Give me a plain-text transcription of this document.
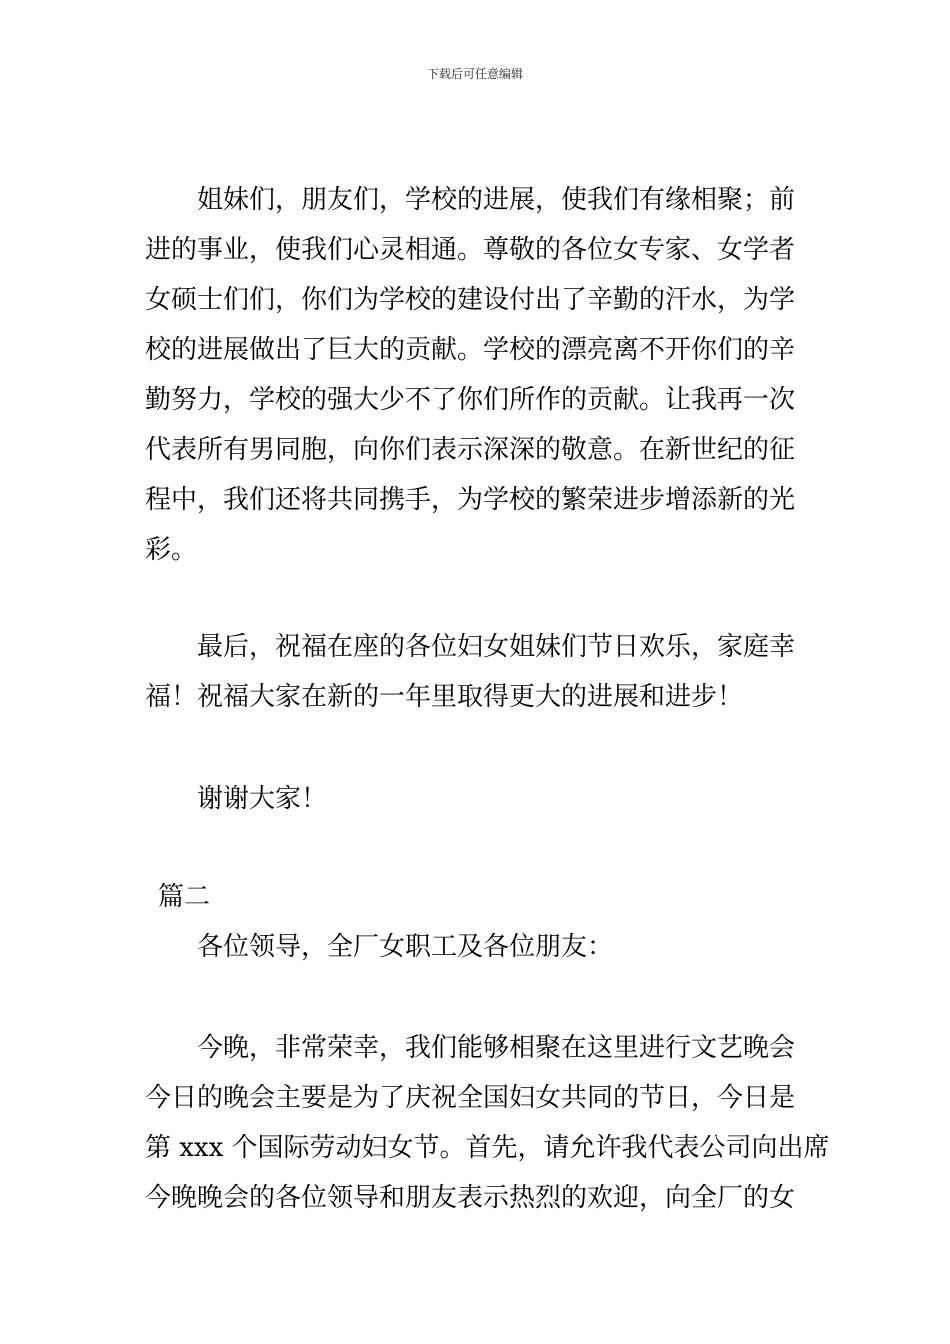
下载后可任意编辑
姐妹们，朋友们，学校的进展，使我们有缘相聚；前
进的事业，使我们心灵相通。尊敬的各位女专家、女学者
女硕士们们，你们为学校的建设付出了辛勤的汗水，为学
校的进展做出了巨大的贡献。学校的漂亮离不开你们的辛
勤努力，学校的强大少不了你们所作的贡献。让我再一次
代表所有男同胞，向你们表示深深的敬意。在新世纪的征
程中，我们还将共同携手，为学校的繁荣进步增添新的光
彩。
最后，祝福在座的各位妇女姐妹们节日欢乐，家庭幸
福！祝福大家在新的一年里取得更大的进展和进步！
谢谢大家！
篇二
各位领导，全厂女职工及各位朋友：
今晚，非常荣幸，我们能够相聚在这里进行文艺晚会
今日的晚会主要是为了庆祝全国妇女共同的节日，今日是
第 xxx 个国际劳动妇女节。首先，请允许我代表公司向出席
今晚晚会的各位领导和朋友表示热烈的欢迎，向全厂的女
